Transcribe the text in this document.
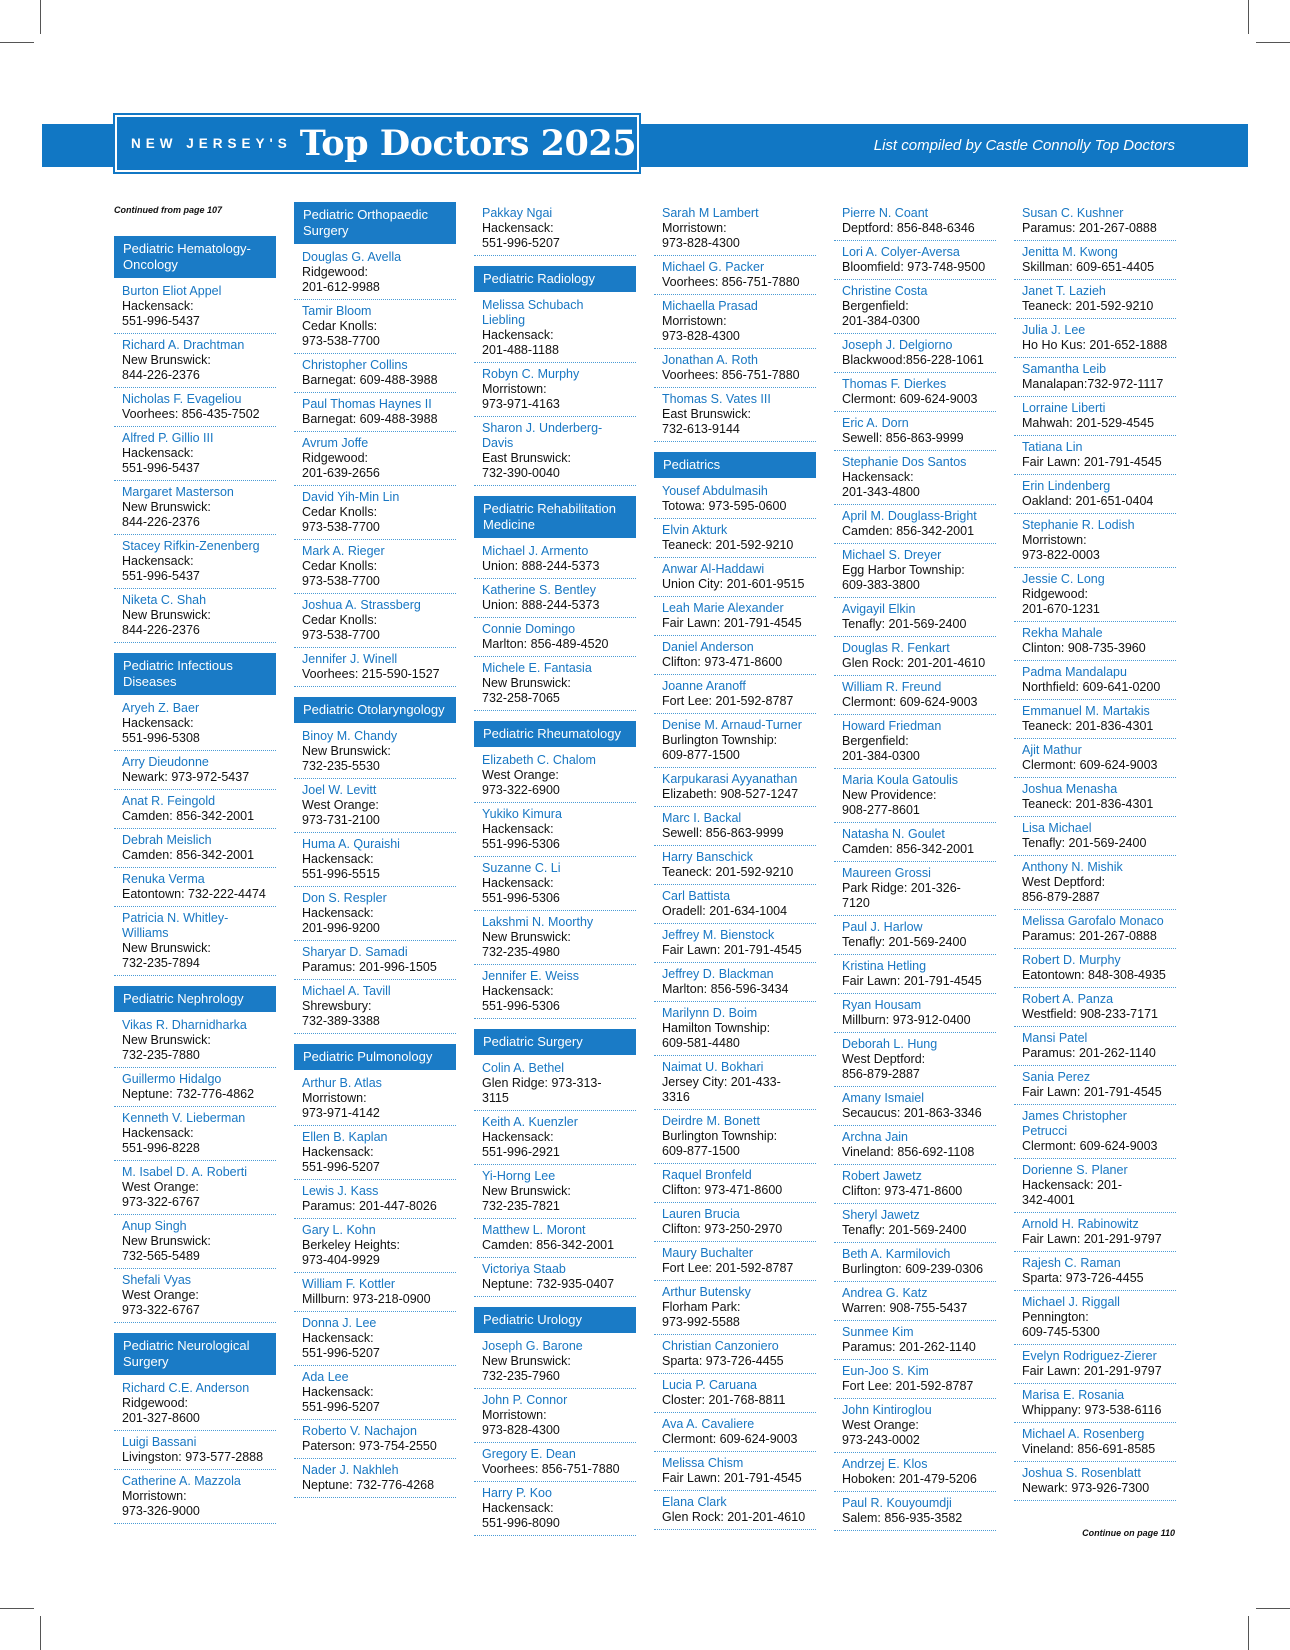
NEW JERSEY'S Top Doctors 2025	List compiled by Castle Connolly Top Doctors
Continued from page 107
Continue on page 110
Pediatric Hematology-Oncology
Burton Eliot Appel
Hackensack:
551-996-5437
Richard A. Drachtman
New Brunswick:
844-226-2376
Nicholas F. Evageliou
Voorhees: 856-435-7502
Alfred P. Gillio III
Hackensack:
551-996-5437
Margaret Masterson
New Brunswick:
844-226-2376
Stacey Rifkin-Zenenberg
Hackensack:
551-996-5437
Niketa C. Shah
New Brunswick:
844-226-2376
Pediatric Infectious Diseases
Aryeh Z. Baer
Hackensack:
551-996-5308
Arry Dieudonne
Newark: 973-972-5437
Anat R. Feingold
Camden: 856-342-2001
Debrah Meislich
Camden: 856-342-2001
Renuka Verma
Eatontown: 732-222-4474
Patricia N. Whitley-Williams
New Brunswick:
732-235-7894
Pediatric Nephrology
Vikas R. Dharnidharka
New Brunswick:
732-235-7880
Guillermo Hidalgo
Neptune: 732-776-4862
Kenneth V. Lieberman
Hackensack:
551-996-8228
M. Isabel D. A. Roberti
West Orange:
973-322-6767
Anup Singh
New Brunswick:
732-565-5489
Shefali Vyas
West Orange:
973-322-6767
Pediatric Neurological Surgery
Richard C.E. Anderson
Ridgewood:
201-327-8600
Luigi Bassani
Livingston: 973-577-2888
Catherine A. Mazzola
Morristown:
973-326-9000
Pediatric Orthopaedic Surgery
Douglas G. Avella
Ridgewood:
201-612-9988
Tamir Bloom
Cedar Knolls:
973-538-7700
Christopher Collins
Barnegat: 609-488-3988
Paul Thomas Haynes II
Barnegat: 609-488-3988
Avrum Joffe
Ridgewood:
201-639-2656
David Yih-Min Lin
Cedar Knolls:
973-538-7700
Mark A. Rieger
Cedar Knolls:
973-538-7700
Joshua A. Strassberg
Cedar Knolls:
973-538-7700
Jennifer J. Winell
Voorhees: 215-590-1527
Pediatric Otolaryngology
Binoy M. Chandy
New Brunswick:
732-235-5530
Joel W. Levitt
West Orange:
973-731-2100
Huma A. Quraishi
Hackensack:
551-996-5515
Don S. Respler
Hackensack:
201-996-9200
Sharyar D. Samadi
Paramus: 201-996-1505
Michael A. Tavill
Shrewsbury:
732-389-3388
Pediatric Pulmonology
Arthur B. Atlas
Morristown:
973-971-4142
Ellen B. Kaplan
Hackensack:
551-996-5207
Lewis J. Kass
Paramus: 201-447-8026
Gary L. Kohn
Berkeley Heights:
973-404-9929
William F. Kottler
Millburn: 973-218-0900
Donna J. Lee
Hackensack:
551-996-5207
Ada Lee
Hackensack:
551-996-5207
Roberto V. Nachajon
Paterson: 973-754-2550
Nader J. Nakhleh
Neptune: 732-776-4268
Pakkay Ngai
Hackensack:
551-996-5207
Pediatric Radiology
Melissa Schubach Liebling
Hackensack:
201-488-1188
Robyn C. Murphy
Morristown:
973-971-4163
Sharon J. Underberg-Davis
East Brunswick:
732-390-0040
Pediatric Rehabilitation Medicine
Michael J. Armento
Union: 888-244-5373
Katherine S. Bentley
Union: 888-244-5373
Connie Domingo
Marlton: 856-489-4520
Michele E. Fantasia
New Brunswick:
732-258-7065
Pediatric Rheumatology
Elizabeth C. Chalom
West Orange:
973-322-6900
Yukiko Kimura
Hackensack:
551-996-5306
Suzanne C. Li
Hackensack:
551-996-5306
Lakshmi N. Moorthy
New Brunswick:
732-235-4980
Jennifer E. Weiss
Hackensack:
551-996-5306
Pediatric Surgery
Colin A. Bethel
Glen Ridge: 973-313-3115
Keith A. Kuenzler
Hackensack:
551-996-2921
Yi-Horng Lee
New Brunswick:
732-235-7821
Matthew L. Moront
Camden: 856-342-2001
Victoriya Staab
Neptune: 732-935-0407
Pediatric Urology
Joseph G. Barone
New Brunswick:
732-235-7960
John P. Connor
Morristown:
973-828-4300
Gregory E. Dean
Voorhees: 856-751-7880
Harry P. Koo
Hackensack:
551-996-8090
Sarah M Lambert
Morristown:
973-828-4300
Michael G. Packer
Voorhees: 856-751-7880
Michaella Prasad
Morristown:
973-828-4300
Jonathan A. Roth
Voorhees: 856-751-7880
Thomas S. Vates III
East Brunswick:
732-613-9144
Pediatrics
Yousef Abdulmasih
Totowa: 973-595-0600
Elvin Akturk
Teaneck: 201-592-9210
Anwar Al-Haddawi
Union City: 201-601-9515
Leah Marie Alexander
Fair Lawn: 201-791-4545
Daniel Anderson
Clifton: 973-471-8600
Joanne Aranoff
Fort Lee: 201-592-8787
Denise M. Arnaud-Turner
Burlington Township:
609-877-1500
Karpukarasi Ayyanathan
Elizabeth: 908-527-1247
Marc I. Backal
Sewell: 856-863-9999
Harry Banschick
Teaneck: 201-592-9210
Carl Battista
Oradell: 201-634-1004
Jeffrey M. Bienstock
Fair Lawn: 201-791-4545
Jeffrey D. Blackman
Marlton: 856-596-3434
Marilynn D. Boim
Hamilton Township:
609-581-4480
Naimat U. Bokhari
Jersey City: 201-433-3316
Deirdre M. Bonett
Burlington Township:
609-877-1500
Raquel Bronfeld
Clifton: 973-471-8600
Lauren Brucia
Clifton: 973-250-2970
Maury Buchalter
Fort Lee: 201-592-8787
Arthur Butensky
Florham Park:
973-992-5588
Christian Canzoniero
Sparta: 973-726-4455
Lucia P. Caruana
Closter: 201-768-8811
Ava A. Cavaliere
Clermont: 609-624-9003
Melissa Chism
Fair Lawn: 201-791-4545
Elana Clark
Glen Rock: 201-201-4610
Pierre N. Coant
Deptford: 856-848-6346
Lori A. Colyer-Aversa
Bloomfield: 973-748-9500
Christine Costa
Bergenfield:
201-384-0300
Joseph J. Delgiorno
Blackwood:856-228-1061
Thomas F. Dierkes
Clermont: 609-624-9003
Eric A. Dorn
Sewell: 856-863-9999
Stephanie Dos Santos
Hackensack:
201-343-4800
April M. Douglass-Bright
Camden: 856-342-2001
Michael S. Dreyer
Egg Harbor Township:
609-383-3800
Avigayil Elkin
Tenafly: 201-569-2400
Douglas R. Fenkart
Glen Rock: 201-201-4610
William R. Freund
Clermont: 609-624-9003
Howard Friedman
Bergenfield:
201-384-0300
Maria Koula Gatoulis
New Providence:
908-277-8601
Natasha N. Goulet
Camden: 856-342-2001
Maureen Grossi
Park Ridge: 201-326-7120
Paul J. Harlow
Tenafly: 201-569-2400
Kristina Hetling
Fair Lawn: 201-791-4545
Ryan Housam
Millburn: 973-912-0400
Deborah L. Hung
West Deptford:
856-879-2887
Amany Ismaiel
Secaucus: 201-863-3346
Archna Jain
Vineland: 856-692-1108
Robert Jawetz
Clifton: 973-471-8600
Sheryl Jawetz
Tenafly: 201-569-2400
Beth A. Karmilovich
Burlington: 609-239-0306
Andrea G. Katz
Warren: 908-755-5437
Sunmee Kim
Paramus: 201-262-1140
Eun-Joo S. Kim
Fort Lee: 201-592-8787
John Kintiroglou
West Orange:
973-243-0002
Andrzej E. Klos
Hoboken: 201-479-5206
Paul R. Kouyoumdji
Salem: 856-935-3582
Susan C. Kushner
Paramus: 201-267-0888
Jenitta M. Kwong
Skillman: 609-651-4405
Janet T. Lazieh
Teaneck: 201-592-9210
Julia J. Lee
Ho Ho Kus: 201-652-1888
Samantha Leib
Manalapan:732-972-1117
Lorraine Liberti
Mahwah: 201-529-4545
Tatiana Lin
Fair Lawn: 201-791-4545
Erin Lindenberg
Oakland: 201-651-0404
Stephanie R. Lodish
Morristown:
973-822-0003
Jessie C. Long
Ridgewood:
201-670-1231
Rekha Mahale
Clinton: 908-735-3960
Padma Mandalapu
Northfield: 609-641-0200
Emmanuel M. Martakis
Teaneck: 201-836-4301
Ajit Mathur
Clermont: 609-624-9003
Joshua Menasha
Teaneck: 201-836-4301
Lisa Michael
Tenafly: 201-569-2400
Anthony N. Mishik
West Deptford:
856-879-2887
Melissa Garofalo Monaco
Paramus: 201-267-0888
Robert D. Murphy
Eatontown: 848-308-4935
Robert A. Panza
Westfield: 908-233-7171
Mansi Patel
Paramus: 201-262-1140
Sania Perez
Fair Lawn: 201-791-4545
James Christopher Petrucci
Clermont: 609-624-9003
Dorienne S. Planer
Hackensack: 201-
342-4001
Arnold H. Rabinowitz
Fair Lawn: 201-291-9797
Rajesh C. Raman
Sparta: 973-726-4455
Michael J. Riggall
Pennington:
609-745-5300
Evelyn Rodriguez-Zierer
Fair Lawn: 201-291-9797
Marisa E. Rosania
Whippany: 973-538-6116
Michael A. Rosenberg
Vineland: 856-691-8585
Joshua S. Rosenblatt
Newark: 973-926-7300
